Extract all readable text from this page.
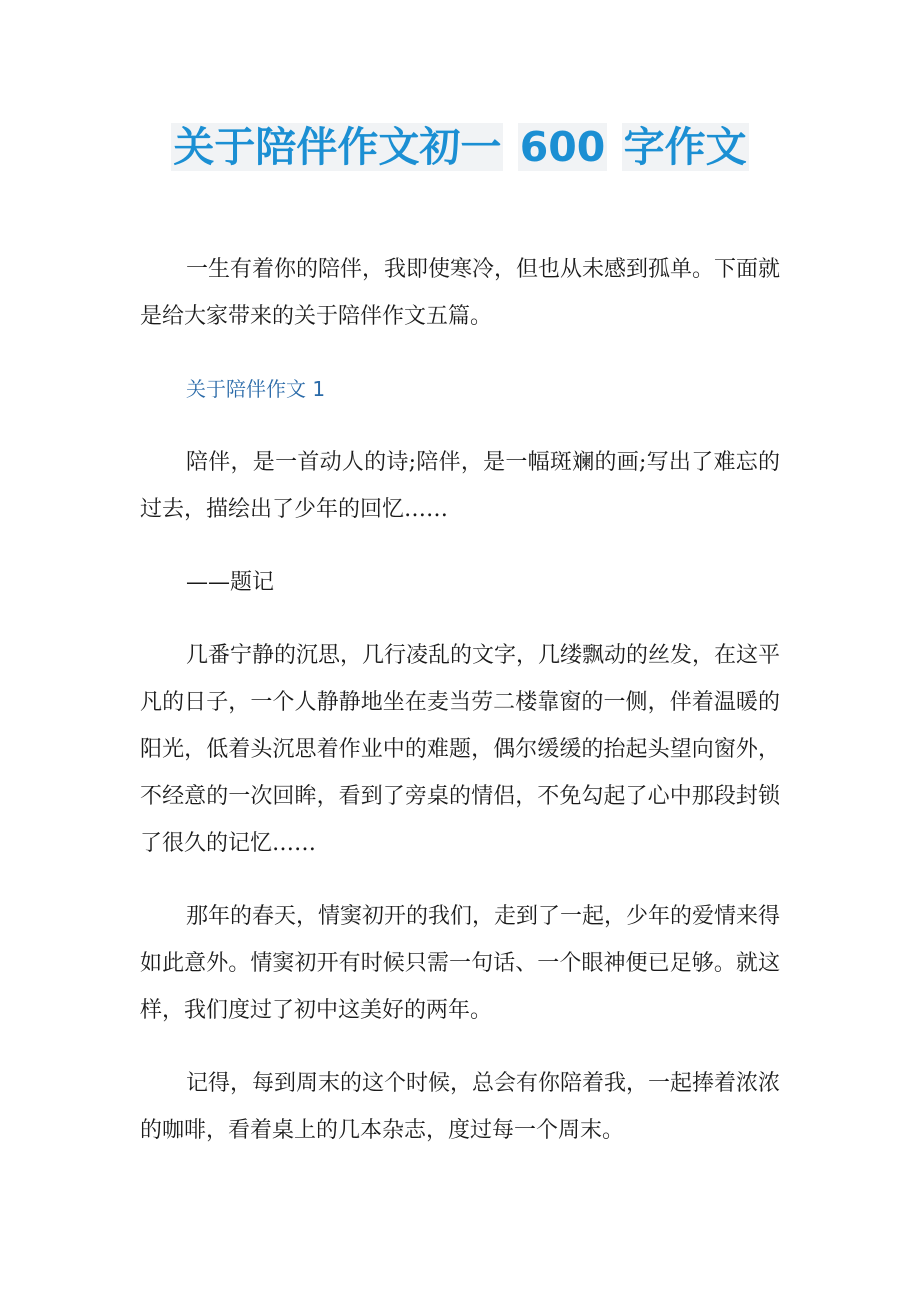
关于陪伴作文初一 600 字作文

一生有着你的陪伴，我即使寒冷，但也从未感到孤单。下面就是给大家带来的关于陪伴作文五篇。

关于陪伴作文 1

陪伴，是一首动人的诗;陪伴，是一幅斑斓的画;写出了难忘的过去，描绘出了少年的回忆……

——题记

几番宁静的沉思，几行凌乱的文字，几缕飘动的丝发，在这平凡的日子，一个人静静地坐在麦当劳二楼靠窗的一侧，伴着温暖的阳光，低着头沉思着作业中的难题，偶尔缓缓的抬起头望向窗外，不经意的一次回眸，看到了旁桌的情侣，不免勾起了心中那段封锁了很久的记忆……

那年的春天，情窦初开的我们，走到了一起，少年的爱情来得如此意外。情窦初开有时候只需一句话、一个眼神便已足够。就这样，我们度过了初中这美好的两年。

记得，每到周末的这个时候，总会有你陪着我，一起捧着浓浓的咖啡，看着桌上的几本杂志，度过每一个周末。
